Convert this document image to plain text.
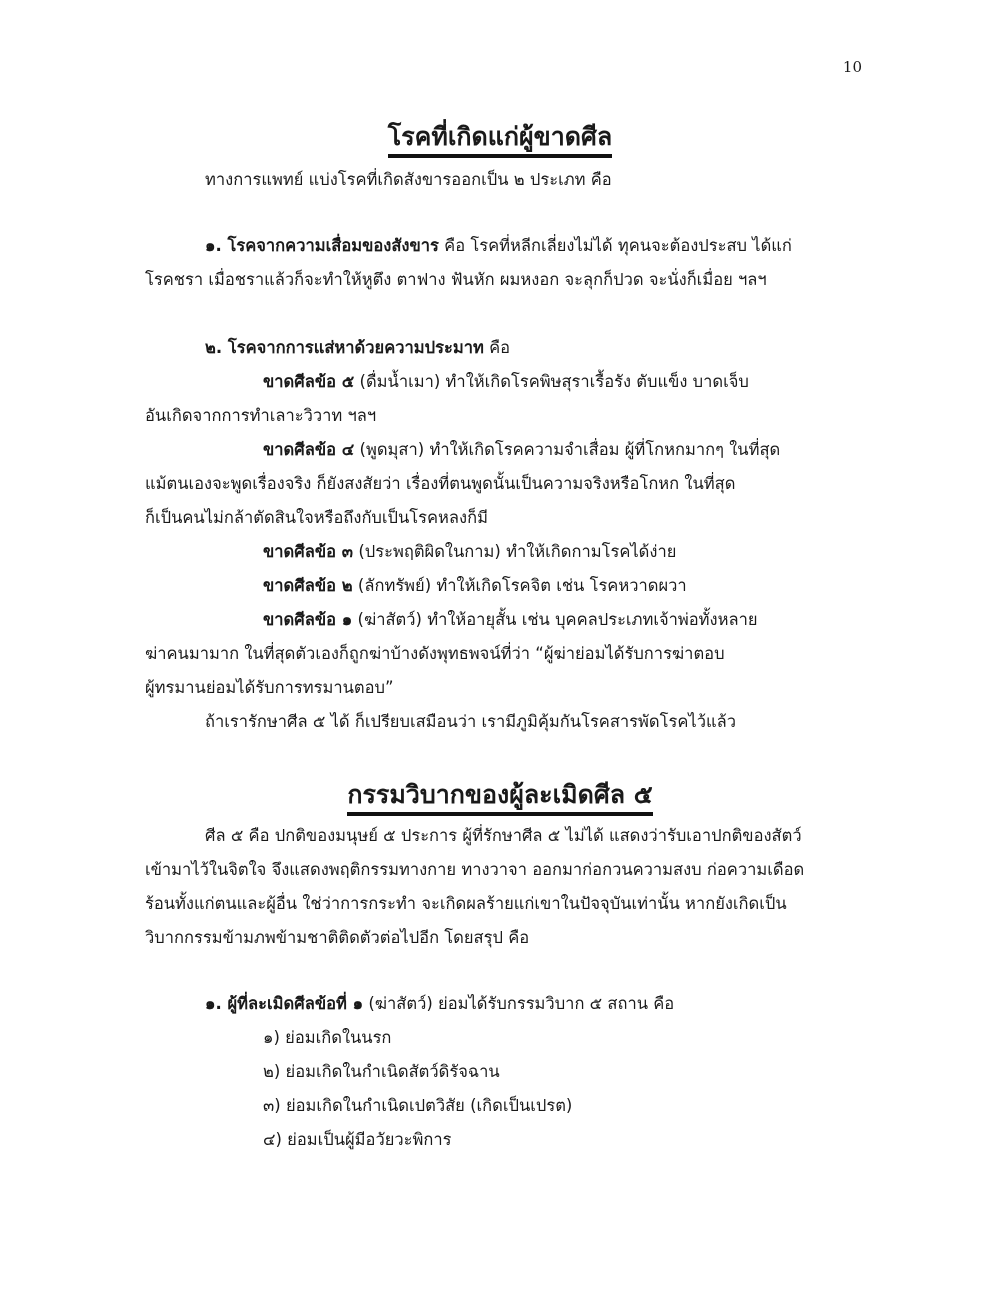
10
โรคที่เกิดแก่ผู้ขาดศีล
ทางการแพทย์ แบ่งโรคที่เกิดสังขารออกเป็น ๒ ประเภท คือ
๑. โรคจากความเสื่อมของสังขาร คือ โรคที่หลีกเลี่ยงไม่ได้ ทุคนจะต้องประสบ ได้แก่
โรคชรา เมื่อชราแล้วก็จะทำให้หูตึง ตาฟาง ฟันหัก ผมหงอก จะลุกก็ปวด จะนั่งก็เมื่อย ฯลฯ
๒. โรคจากการแส่หาด้วยความประมาท คือ
ขาดศีลข้อ ๕ (ดื่มน้ำเมา) ทำให้เกิดโรคพิษสุราเรื้อรัง ตับแข็ง บาดเจ็บ
อันเกิดจากการทำเลาะวิวาท ฯลฯ
ขาดศีลข้อ ๔ (พูดมุสา) ทำให้เกิดโรคความจำเสื่อม ผู้ที่โกหกมากๆ ในที่สุด
แม้ตนเองจะพูดเรื่องจริง ก็ยังสงสัยว่า เรื่องที่ตนพูดนั้นเป็นความจริงหรือโกหก ในที่สุด
ก็เป็นคนไม่กล้าตัดสินใจหรือถึงกับเป็นโรคหลงก็มี
ขาดศีลข้อ ๓ (ประพฤติผิดในกาม) ทำให้เกิดกามโรคได้ง่าย
ขาดศีลข้อ ๒ (ลักทรัพย์) ทำให้เกิดโรคจิต เช่น โรคหวาดผวา
ขาดศีลข้อ ๑ (ฆ่าสัตว์) ทำให้อายุสั้น เช่น บุคคลประเภทเจ้าพ่อทั้งหลาย
ฆ่าคนมามาก ในที่สุดตัวเองก็ถูกฆ่าบ้างดังพุทธพจน์ที่ว่า “ผู้ฆ่าย่อมได้รับการฆ่าตอบ
ผู้ทรมานย่อมได้รับการทรมานตอบ”
ถ้าเรารักษาศีล ๕ ได้ ก็เปรียบเสมือนว่า เรามีภูมิคุ้มกันโรคสารพัดโรคไว้แล้ว
กรรมวิบากของผู้ละเมิดศีล ๕
ศีล ๕ คือ ปกติของมนุษย์ ๕ ประการ ผู้ที่รักษาศีล ๕ ไม่ได้ แสดงว่ารับเอาปกติของสัตว์
เข้ามาไว้ในจิตใจ จึงแสดงพฤติกรรมทางกาย ทางวาจา ออกมาก่อกวนความสงบ ก่อความเดือด
ร้อนทั้งแก่ตนและผู้อื่น ใช่ว่าการกระทำ จะเกิดผลร้ายแก่เขาในปัจจุบันเท่านั้น หากยังเกิดเป็น
วิบากกรรมข้ามภพข้ามชาติติดตัวต่อไปอีก โดยสรุป คือ
๑. ผู้ที่ละเมิดศีลข้อที่ ๑ (ฆ่าสัตว์) ย่อมได้รับกรรมวิบาก ๕ สถาน คือ
๑) ย่อมเกิดในนรก
๒) ย่อมเกิดในกำเนิดสัตว์ดิรัจฉาน
๓) ย่อมเกิดในกำเนิดเปตวิสัย (เกิดเป็นเปรต)
๔) ย่อมเป็นผู้มีอวัยวะพิการ
